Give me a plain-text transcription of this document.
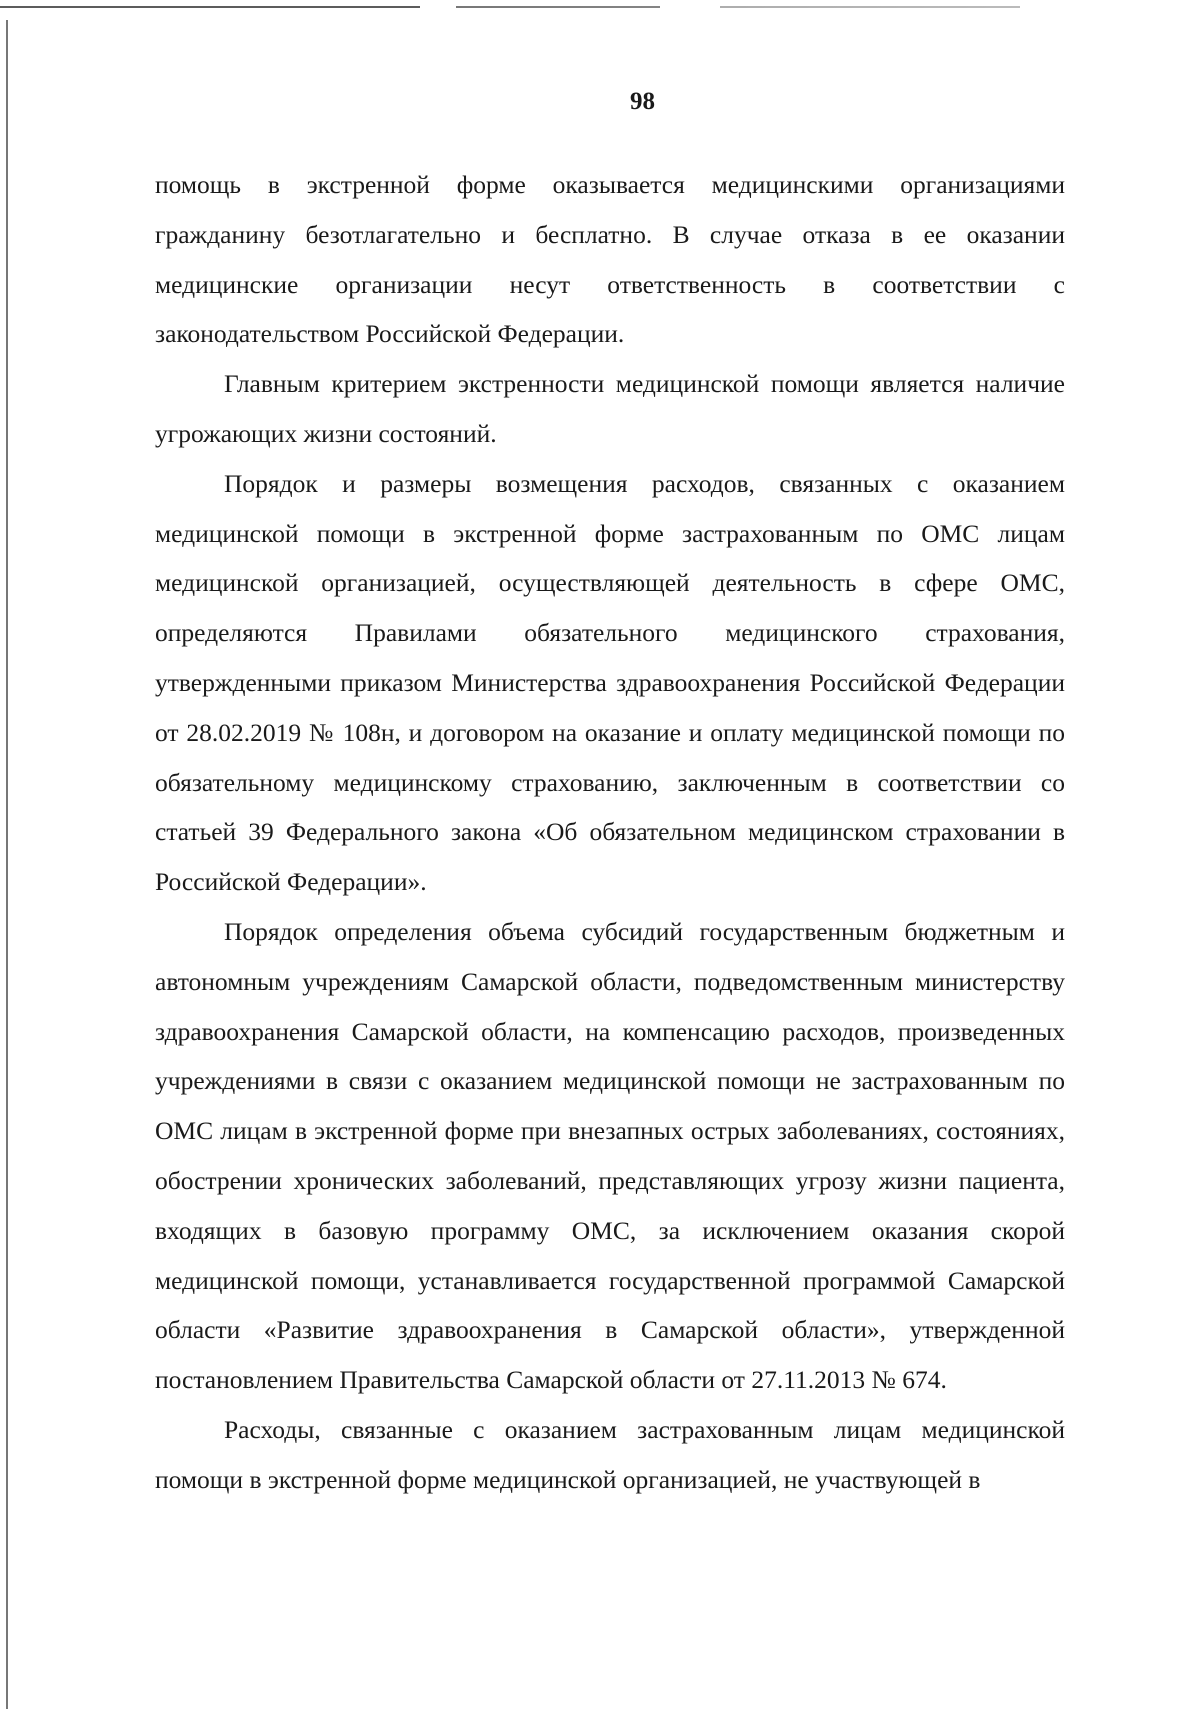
98

помощь в экстренной форме оказывается медицинскими организациями гражданину безотлагательно и бесплатно. В случае отказа в ее оказании медицинские организации несут ответственность в соответствии с законодательством Российской Федерации.

Главным критерием экстренности медицинской помощи является наличие угрожающих жизни состояний.

Порядок и размеры возмещения расходов, связанных с оказанием медицинской помощи в экстренной форме застрахованным по ОМС лицам медицинской организацией, осуществляющей деятельность в сфере ОМС, определяются Правилами обязательного медицинского страхования, утвержденными приказом Министерства здравоохранения Российской Федерации от 28.02.2019 № 108н, и договором на оказание и оплату медицинской помощи по обязательному медицинскому страхованию, заключенным в соответствии со статьей 39 Федерального закона «Об обязательном медицинском страховании в Российской Федерации».

Порядок определения объема субсидий государственным бюджетным и автономным учреждениям Самарской области, подведомственным министерству здравоохранения Самарской области, на компенсацию расходов, произведенных учреждениями в связи с оказанием медицинской помощи не застрахованным по ОМС лицам в экстренной форме при внезапных острых заболеваниях, состояниях, обострении хронических заболеваний, представляющих угрозу жизни пациента, входящих в базовую программу ОМС, за исключением оказания скорой медицинской помощи, устанавливается государственной программой Самарской области «Развитие здравоохранения в Самарской области», утвержденной постановлением Правительства Самарской области от 27.11.2013 № 674.

Расходы, связанные с оказанием застрахованным лицам медицинской помощи в экстренной форме медицинской организацией, не участвующей в
